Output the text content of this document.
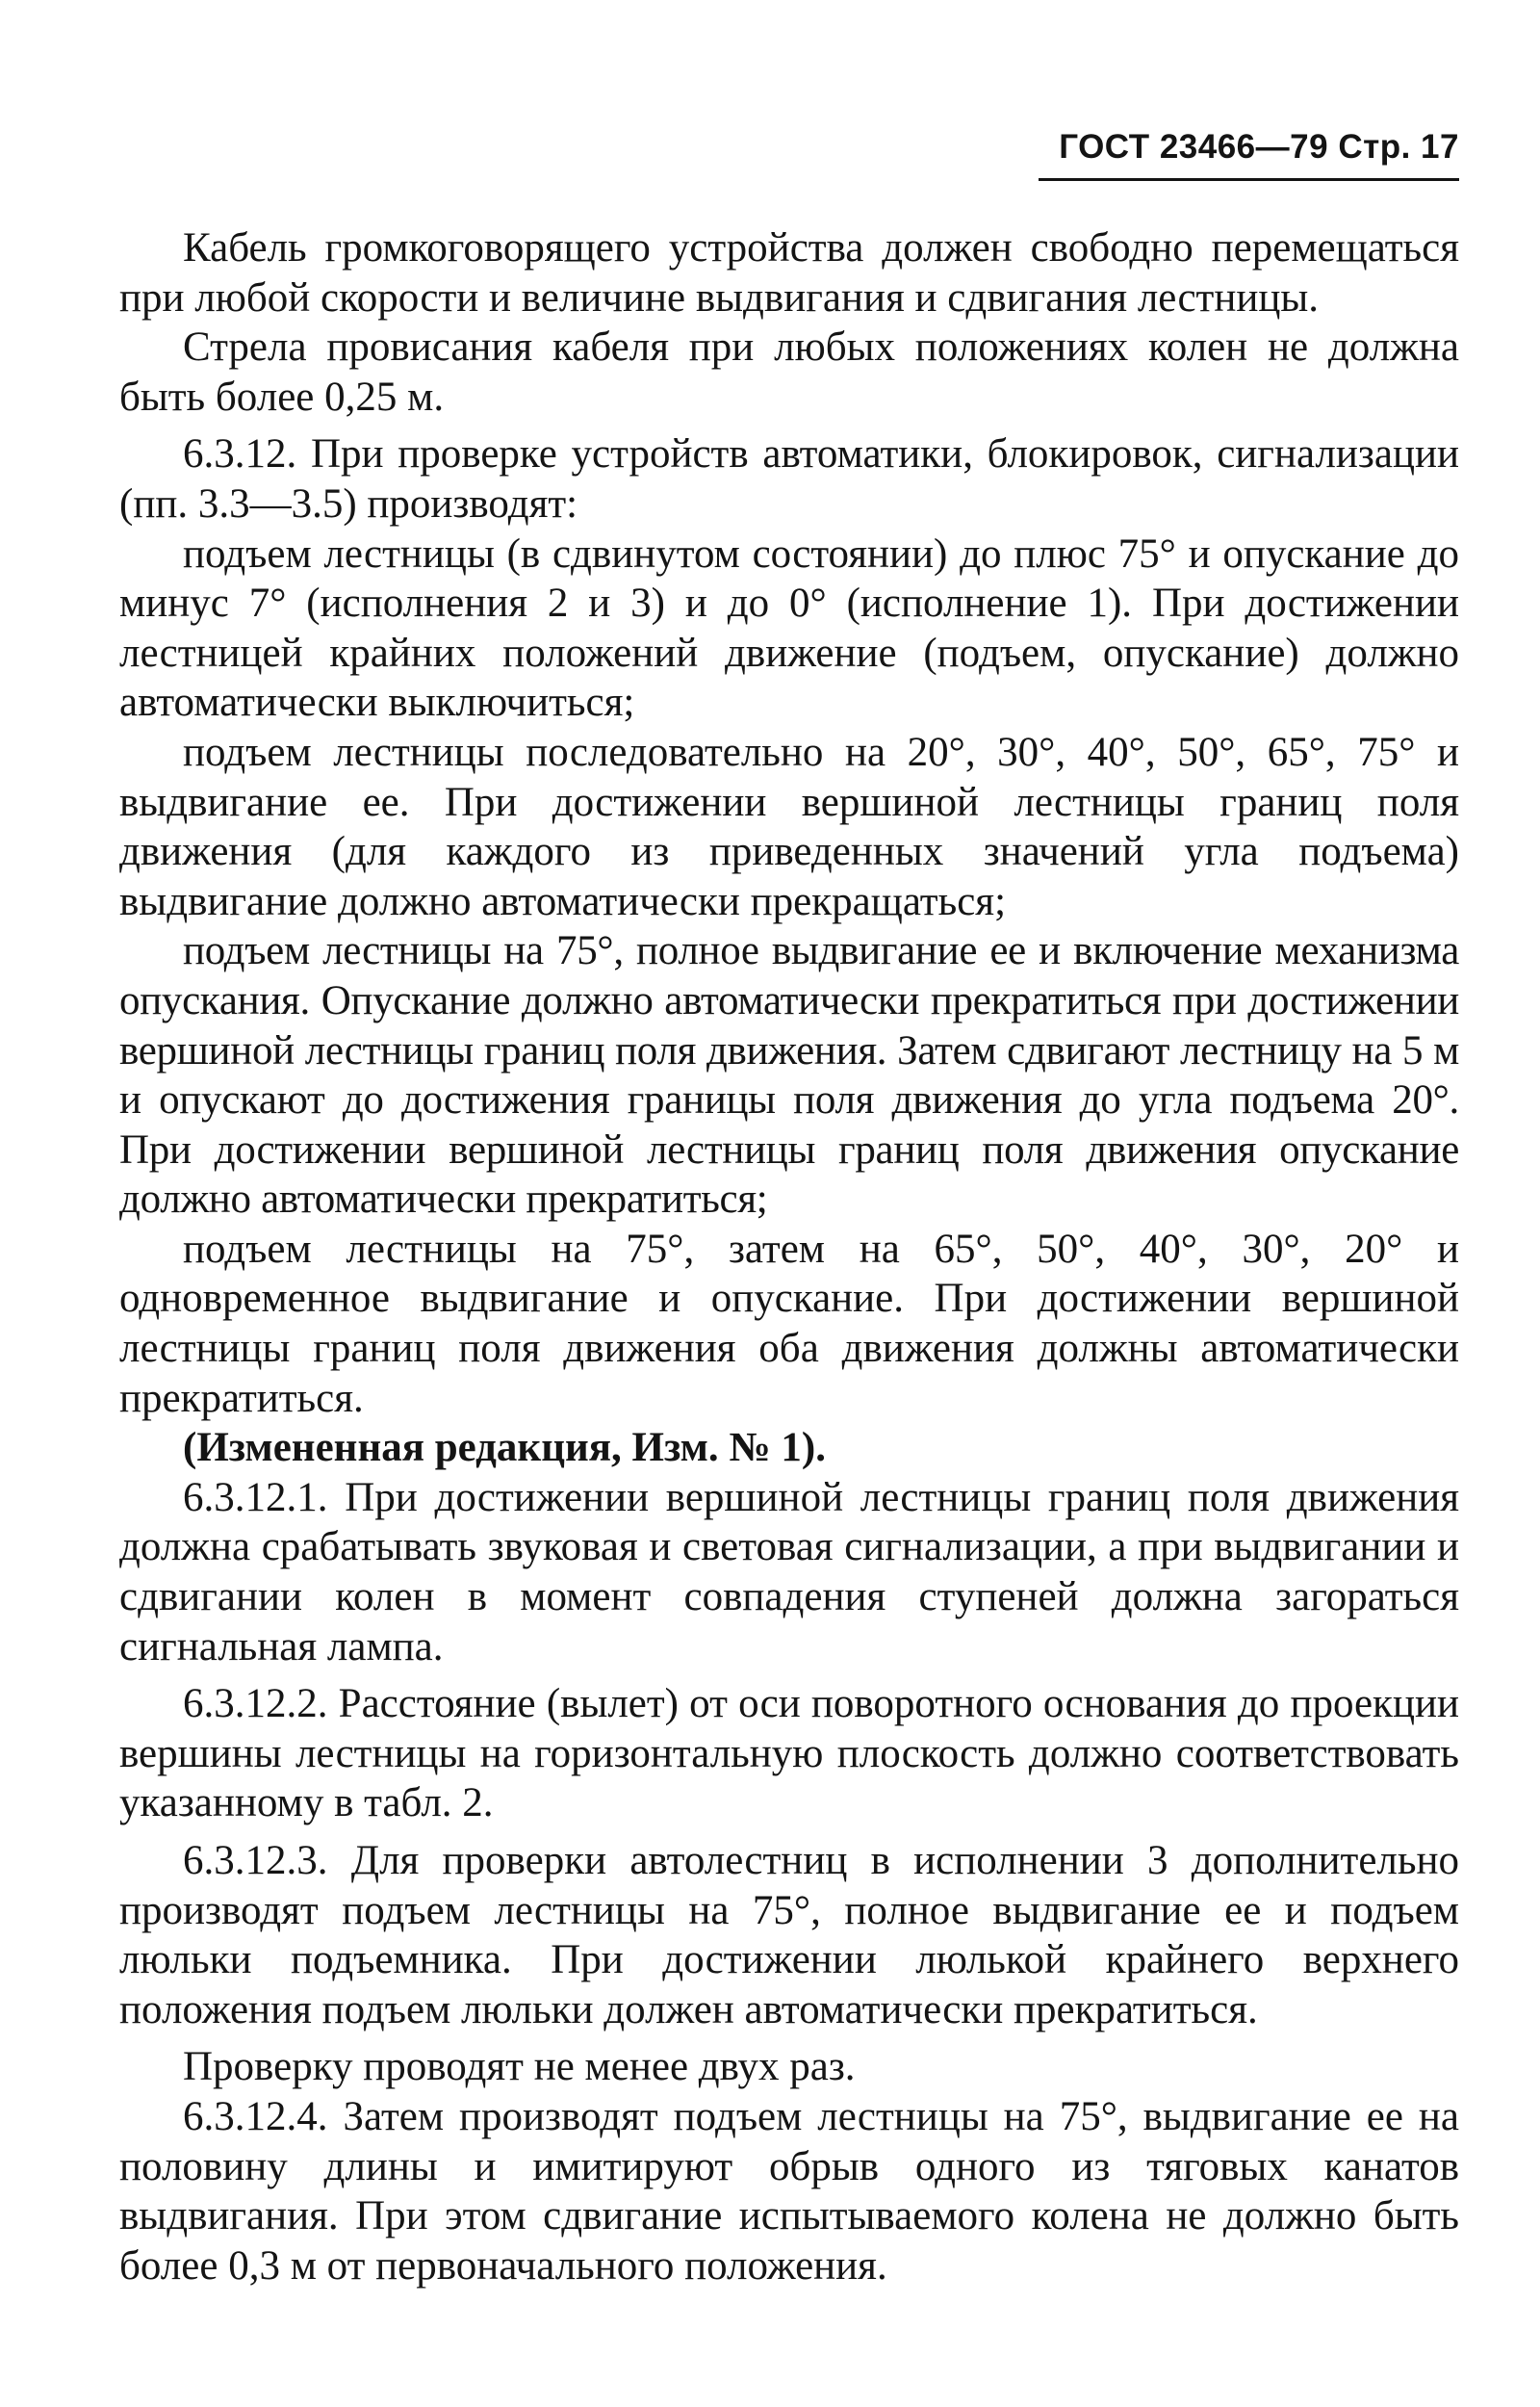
ГОСТ 23466—79 Стр. 17

Кабель громкоговорящего устройства должен свободно перемещаться при любой скорости и величине выдвигания и сдвигания лестницы.

Стрела провисания кабеля при любых положениях колен не должна быть более 0,25 м.

6.3.12. При проверке устройств автоматики, блокировок, сигнализации (пп. 3.3—3.5) производят:

подъем лестницы (в сдвинутом состоянии) до плюс 75° и опускание до минус 7° (исполнения 2 и 3) и до 0° (исполнение 1). При достижении лестницей крайних положений движение (подъем, опускание) должно автоматически выключиться;

подъем лестницы последовательно на 20°, 30°, 40°, 50°, 65°, 75° и выдвигание ее. При достижении вершиной лестницы границ поля движения (для каждого из приведенных значений угла подъема) выдвигание должно автоматически прекращаться;

подъем лестницы на 75°, полное выдвигание ее и включение механизма опускания. Опускание должно автоматически прекратиться при достижении вершиной лестницы границ поля движения. Затем сдвигают лестницу на 5 м и опускают до достижения границы поля движения до угла подъема 20°. При достижении вершиной лестницы границ поля движения опускание должно автоматически прекратиться;

подъем лестницы на 75°, затем на 65°, 50°, 40°, 30°, 20° и одновременное выдвигание и опускание. При достижении вершиной лестницы границ поля движения оба движения должны автоматически прекратиться.

(Измененная редакция, Изм. № 1).

6.3.12.1. При достижении вершиной лестницы границ поля движения должна срабатывать звуковая и световая сигнализации, а при выдвигании и сдвигании колен в момент совпадения ступеней должна загораться сигнальная лампа.

6.3.12.2. Расстояние (вылет) от оси поворотного основания до проекции вершины лестницы на горизонтальную плоскость должно соответствовать указанному в табл. 2.

6.3.12.3. Для проверки автолестниц в исполнении 3 дополнительно производят подъем лестницы на 75°, полное выдвигание ее и подъем люльки подъемника. При достижении люлькой крайнего верхнего положения подъем люльки должен автоматически прекратиться.

Проверку проводят не менее двух раз.

6.3.12.4. Затем производят подъем лестницы на 75°, выдвигание ее на половину длины и имитируют обрыв одного из тяговых канатов выдвигания. При этом сдвигание испытываемого колена не должно быть более 0,3 м от первоначального положения.
